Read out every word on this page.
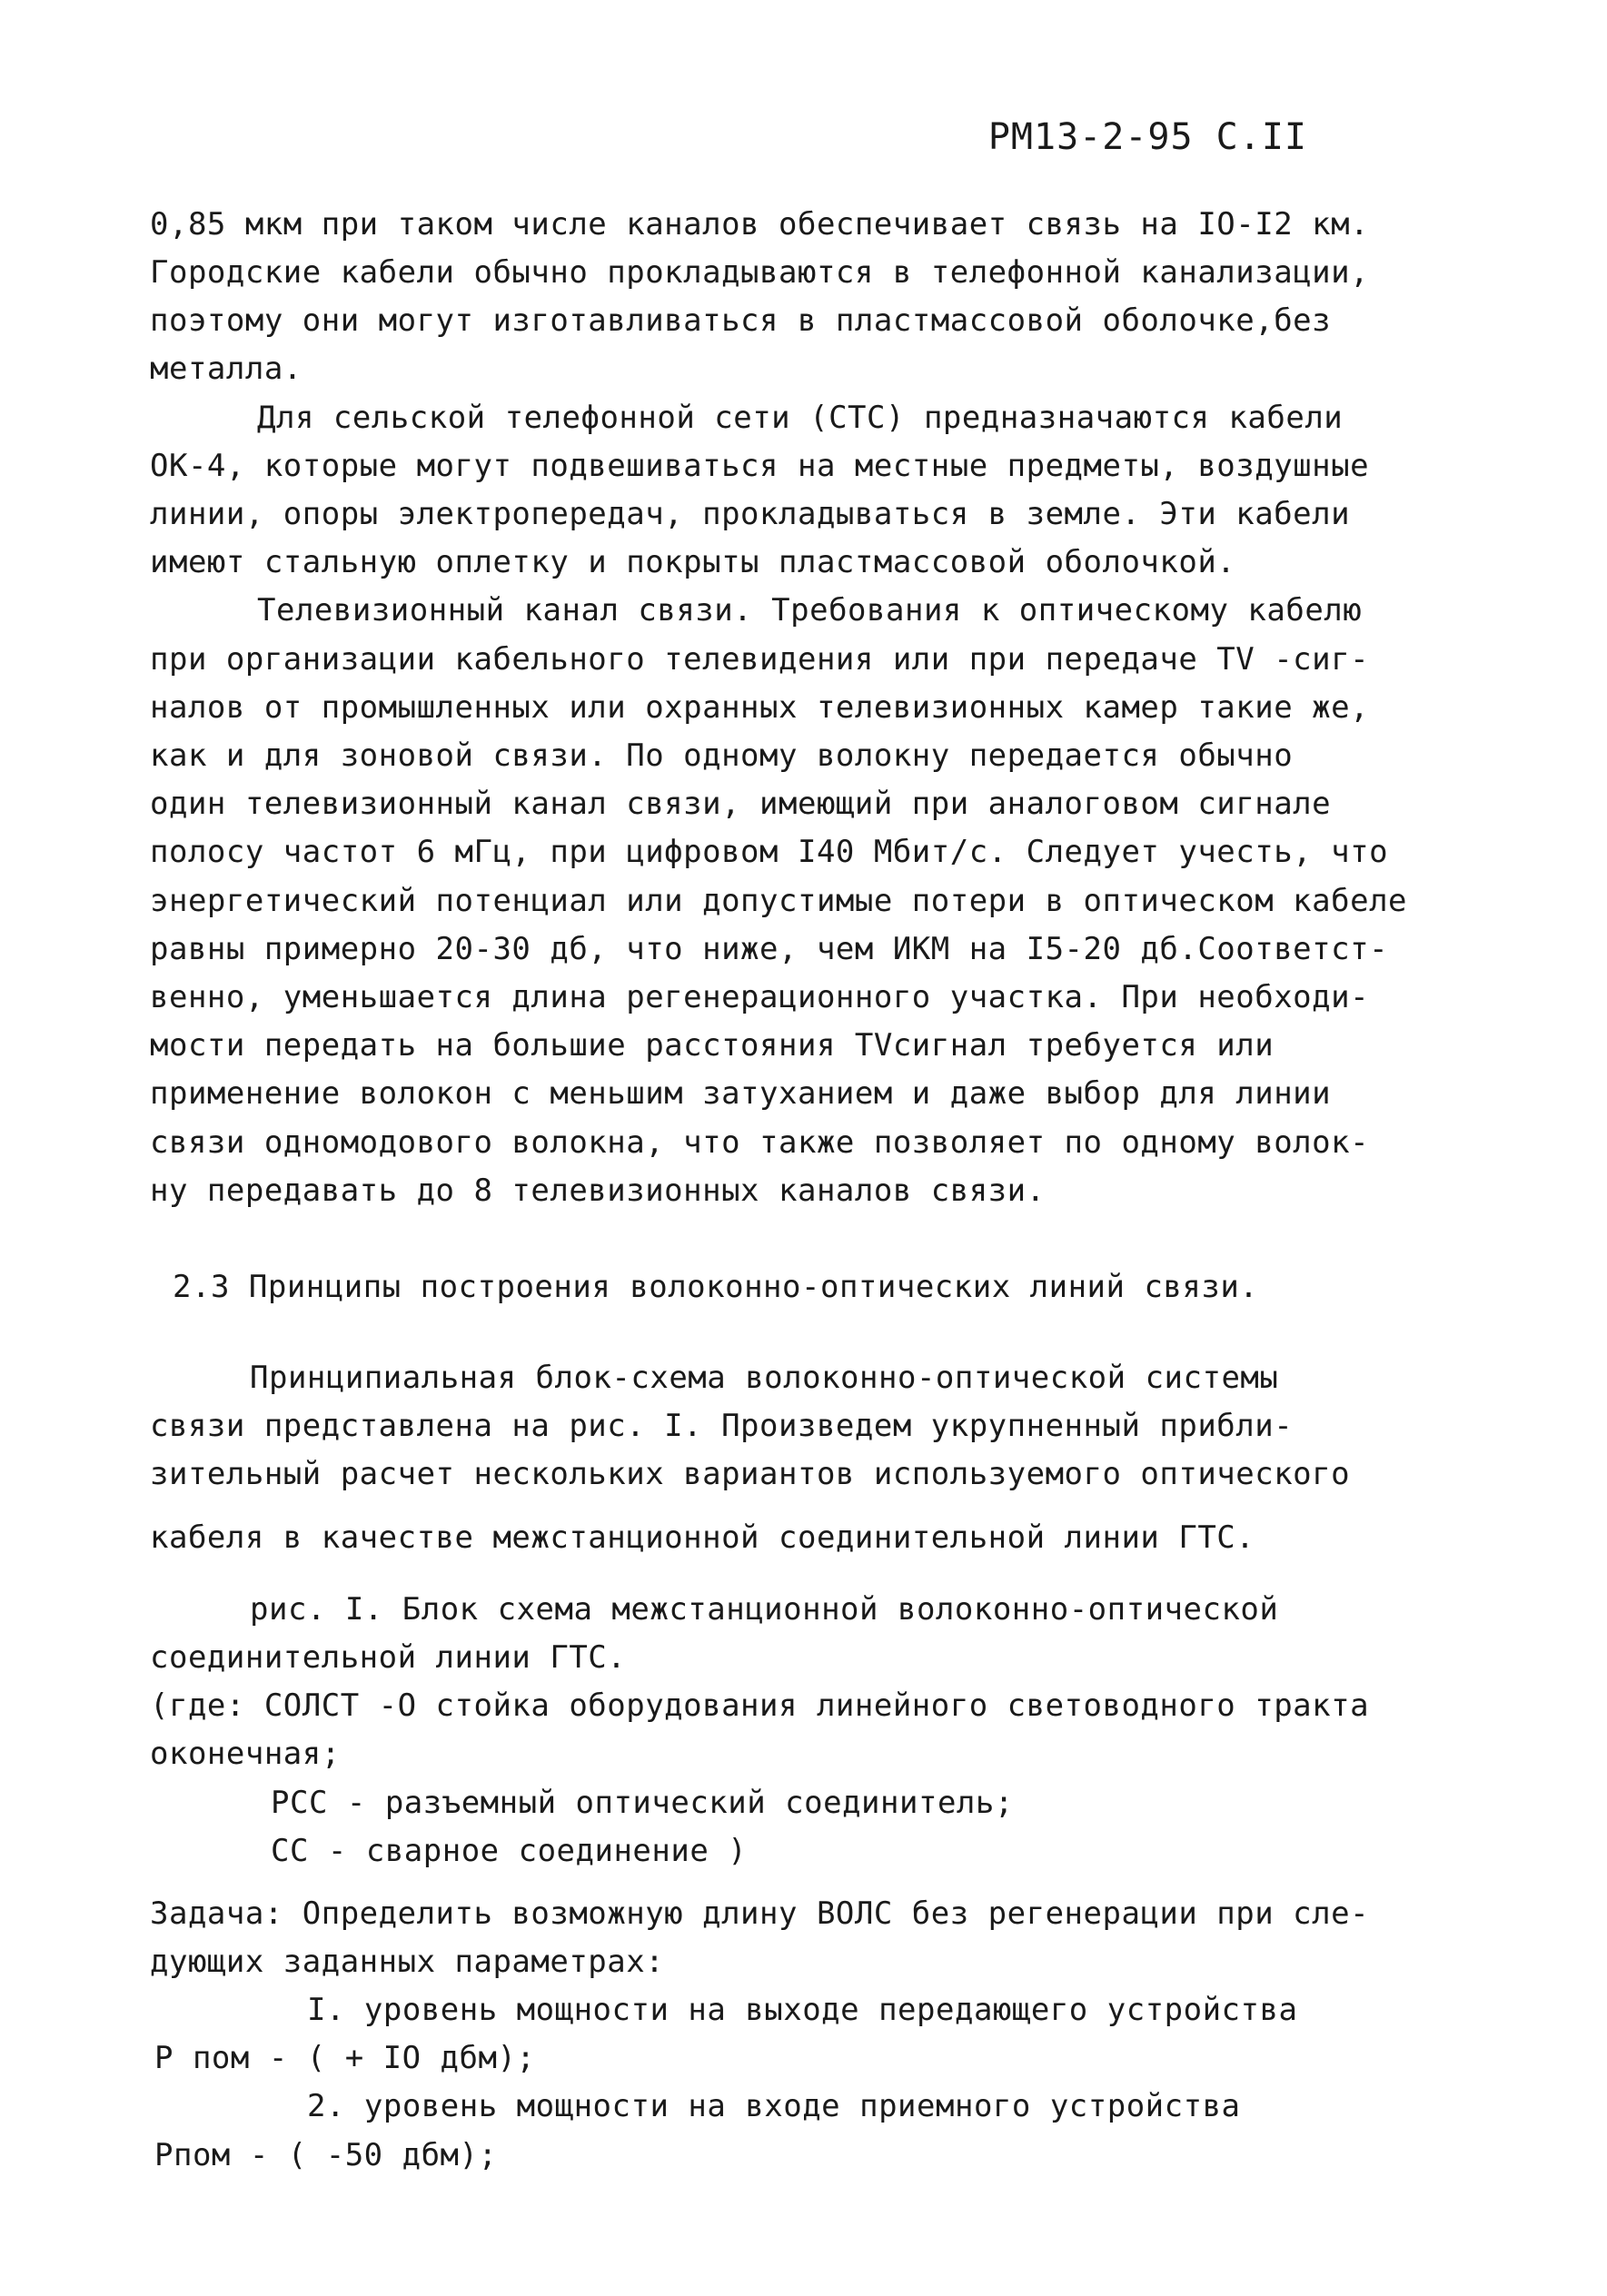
РМ13-2-95 С.II
0,85 мкм при таком числе каналов обеспечивает связь на IO-I2 км.
Городские кабели обычно прокладываются в телефонной канализации,
поэтому они могут изготавливаться в пластмассовой оболочке,без
металла.
Для сельской телефонной сети (СТС) предназначаются кабели
ОК-4, которые могут подвешиваться на местные предметы, воздушные
линии, опоры электропередач, прокладываться в земле. Эти кабели
имеют стальную оплетку и покрыты пластмассовой оболочкой.
Телевизионный канал связи. Требования к оптическому кабелю
при организации кабельного телевидения или при передаче ТV -сиг-
налов от промышленных или охранных телевизионных камер такие же,
как и для зоновой связи. По одному волокну передается обычно
один телевизионный канал связи, имеющий при аналоговом сигнале
полосу частот 6 мГц, при цифровом I40 Мбит/с. Следует учесть, что
энергетический потенциал или допустимые потери в оптическом кабеле
равны примерно 20-30 дб, что ниже, чем ИКМ на I5-20 дб.Соответст-
венно, уменьшается длина регенерационного участка. При необходи-
мости передать на большие расстояния ТVсигнал требуется или
применение волокон с меньшим затуханием и даже выбор для линии
связи одномодового волокна, что также позволяет по одному волок-
ну передавать до 8 телевизионных каналов связи.
2.3 Принципы построения волоконно-оптических линий связи.
Принципиальная блок-схема волоконно-оптической системы
связи представлена на рис. I. Произведем укрупненный прибли-
зительный расчет нескольких вариантов используемого оптического
кабеля в качестве межстанционной соединительной линии ГТС.
рис. I. Блок схема межстанционной волоконно-оптической
соединительной линии ГТС.
(где: СОЛСТ -О стойка оборудования линейного световодного тракта
оконечная;
РСС - разъемный оптический соединитель;
СС - сварное соединение )
Задача: Определить возможную длину ВОЛС без регенерации при сле-
дующих заданных параметрах:
I. уровень мощности на выходе передающего устройства
Р пом - ( + IO дбм);
2. уровень мощности на входе приемного устройства
Рпом - ( -50 дбм);
